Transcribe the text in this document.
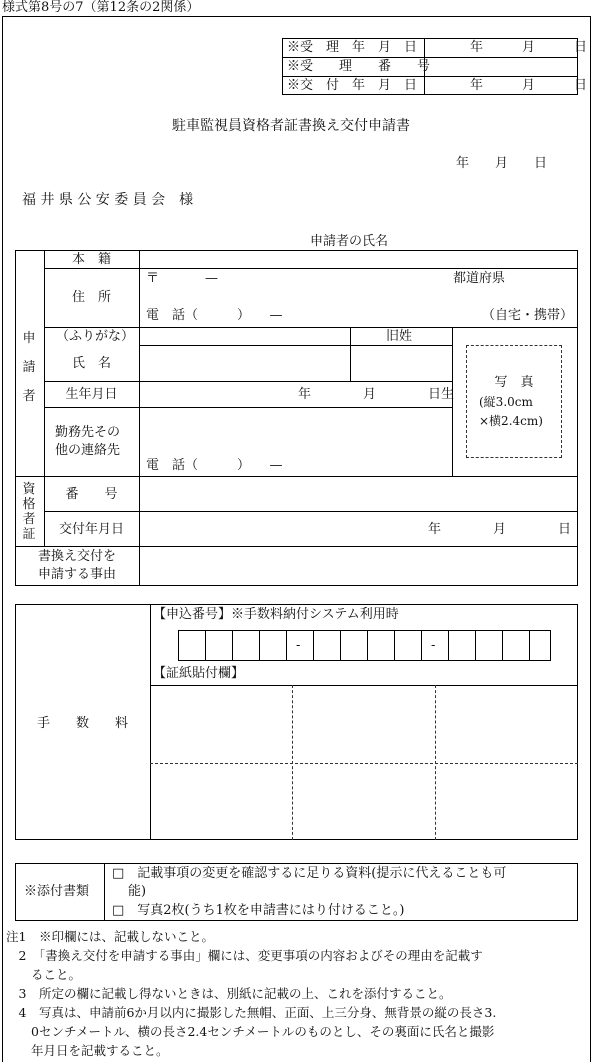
様式第8号の7（第12条の2関係）
※受　理　年　月　日	年　　　月　　　日
※受　　理　　番　　号
※交　付　年　月　日	年　　　月　　　日
駐車監視員資格者証書換え交付申請書
年　　月　　日
福 井 県 公 安 委 員 会　様
申請者の氏名
申
請
者
本　籍
住　所
〒	—	都道府県
電　話（　　　）　　—	（自宅・携帯）
（ふりがな）	旧姓
氏　名
生年月日	年　　　　月　　　　日生
勤務先その
他の連絡先
電　話（　　　）　　—
写　真
(縦3.0cm
×横2.4cm)
資
格
者
証
番　　号
交付年月日	年　　　　月　　　　日
書換え交付を
申請する事由
手　　数　　料
【申込番号】※手数料納付システム利用時
-	-
【証紙貼付欄】
※添付書類
□　記載事項の変更を確認するに足りる資料(提示に代えることも可
能)
□　写真2枚(うち1枚を申請書にはり付けること。)
注1　※印欄には、記載しないこと。
　2　「書換え交付を申請する事由」欄には、変更事項の内容およびその理由を記載す
　　ること。
　3　所定の欄に記載し得ないときは、別紙に記載の上、これを添付すること。
　4　写真は、申請前6か月以内に撮影した無帽、正面、上三分身、無背景の縦の長さ3.
　　0センチメートル、横の長さ2.4センチメートルのものとし、その裏面に氏名と撮影
　　年月日を記載すること。
